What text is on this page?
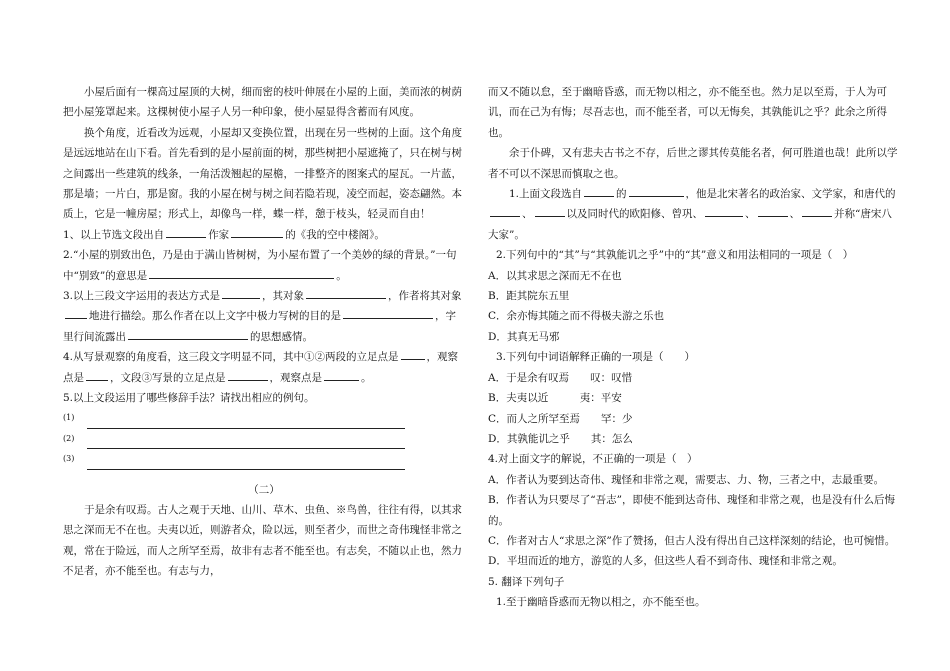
小屋后面有一棵高过屋顶的大树，细而密的枝叶伸展在小屋的上面，美而浓的树荫把小屋笼罩起来。这棵树使小屋子人另一种印象，使小屋显得含蓄而有风度。

换个角度，近看改为远观，小屋却又变换位置，出现在另一些树的上面。这个角度是远远地站在山下看。首先看到的是小屋前面的树，那些树把小屋遮掩了，只在树与树之间露出一些建筑的线条，一角活泼翘起的屋檐，一排整齐的图案式的屋瓦。一片蓝，那是墙；一片白，那是窗。我的小屋在树与树之间若隐若现，凌空而起，姿态翩然。本质上，它是一幢房屋；形式上，却像鸟一样，蝶一样，憩于枝头，轻灵而自由！

1、以上节选文段出自	作家	的《我的空中楼阁》。

2.“小屋的别致出色，乃是由于满山皆树树，为小屋布置了一个美妙的绿的背景。”一句中“别致”的意思是	。

3.以上三段文字运用的表达方式是	，其对象	，作者将其对象地进行描绘。那么作者在以上文字中极力写树的目的是	，字里行间流露出	的思想感情。

4.从写景观察的角度看，这三段文字明显不同，其中①②两段的立足点是	，观察点是 ，文段③写景的立足点是	，观察点是	。

5.以上文段运用了哪些修辞手法？请找出相应的例句。

(1)
(2)
(3)

（二）

于是余有叹焉。古人之观于天地、山川、草木、虫鱼、※鸟兽，往往有得，以其求思之深而无不在也。夫夷以近，则游者众，险以远，则至者少，而世之奇伟瑰怪非常之观，常在于险远，而人之所罕至焉，故非有志者不能至也。有志矣，不随以止也，然力不足者，亦不能至也。有志与力，

而又不随以怠，至于幽暗昏惑，而无物以相之，亦不能至也。然力足以至焉，于人为可讥，而在己为有悔；尽吾志也，而不能至者，可以无悔矣，其孰能讥之乎？此余之所得也。

余于仆碑，又有悲夫古书之不存，后世之谬其传莫能名者，何可胜道也哉！此所以学者不可以不深思而慎取之也。

1.上面文段选自	的	，他是北宋著名的政治家、文学家，和唐代的、	以及同时代的欧阳修、曾巩、	、	、	并称“唐宋八大家”。

2.下列句中的“其”与“其孰能讥之乎”中的“其”意义和用法相同的一项是（　）

A．以其求思之深而无不在也

B．距其院东五里

C．余亦悔其随之而不得极夫游之乐也

D．其真无马邪

3.下列句中词语解释正确的一项是（　　）

A．于是余有叹焉　　叹：叹惜

B．夫夷以近　　　夷：平安

C．而人之所罕至焉　　罕：少

D．其孰能讥之乎　　其：怎么

4.对上面文字的解说，不正确的一项是（　）

A．作者认为要到达奇伟、瑰怪和非常之观，需要志、力、物，三者之中，志最重要。

B．作者认为只要尽了“吾志”，即使不能到达奇伟、瑰怪和非常之观，也是没有什么后悔的。

C．作者对古人“求思之深”作了赞扬，但古人没有得出自己这样深刻的结论，也可惋惜。

D．平坦而近的地方，游览的人多，但这些人看不到奇伟、瑰怪和非常之观。

5. 翻译下列句子

1.至于幽暗昏惑而无物以相之，亦不能至也。
